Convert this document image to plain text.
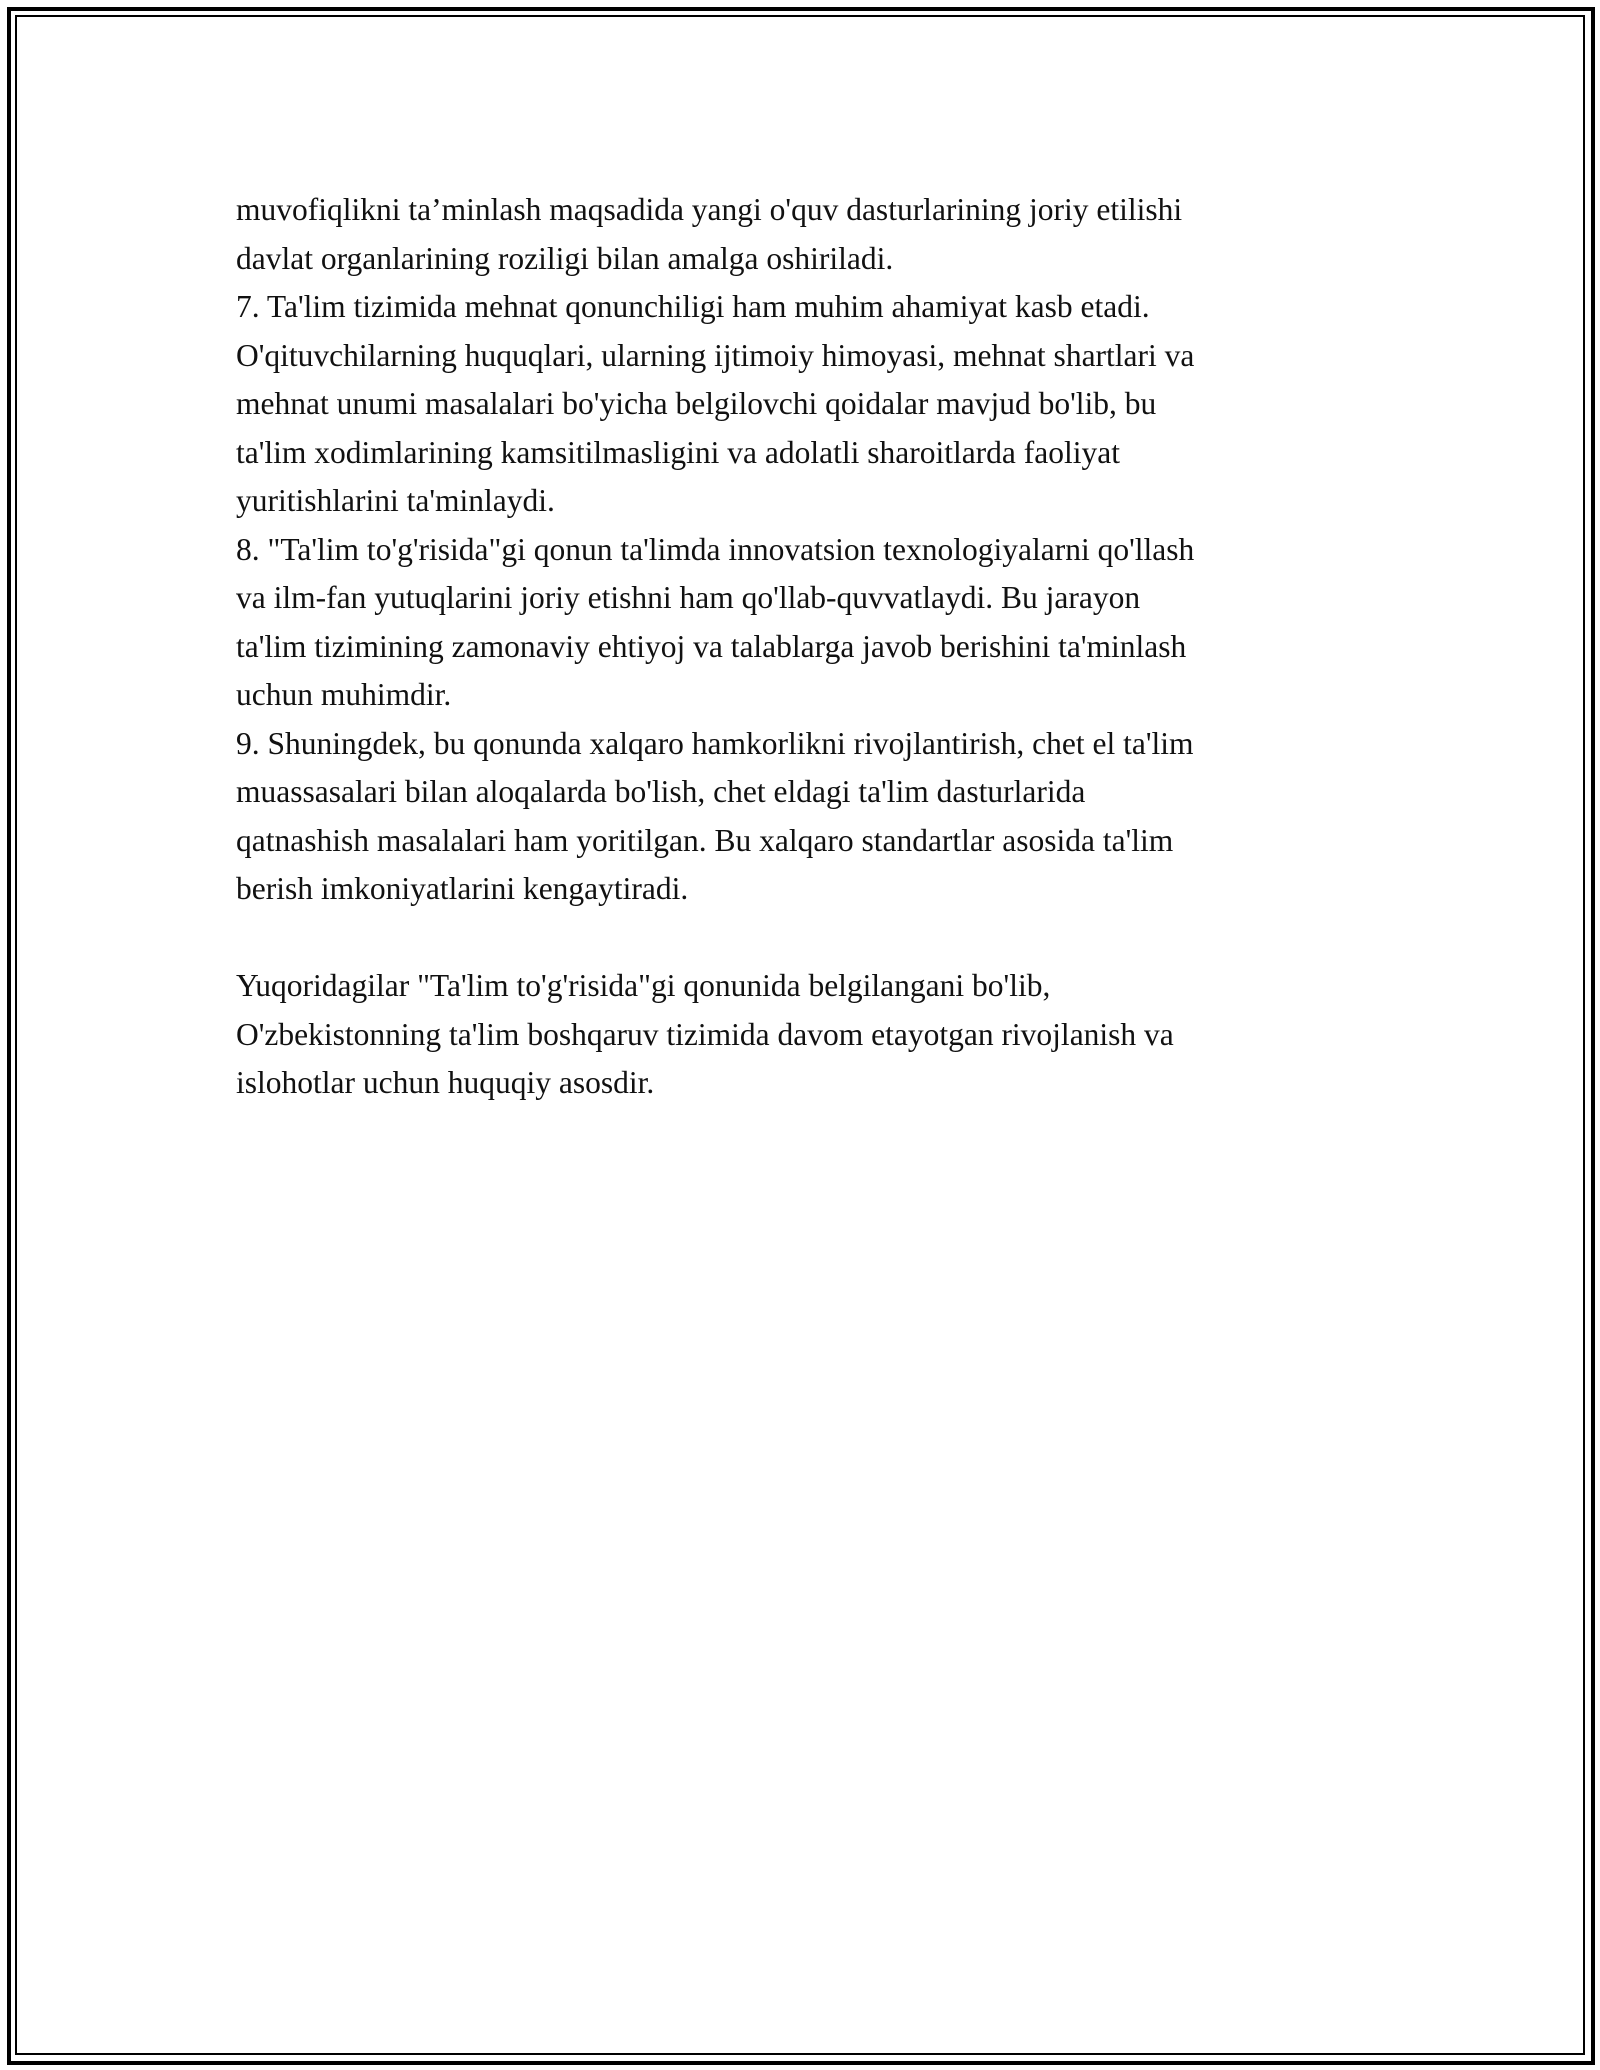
muvofiqlikni ta’minlash maqsadida yangi o'quv dasturlarining joriy etilishi
davlat organlarining roziligi bilan amalga oshiriladi.
7. Ta'lim tizimida mehnat qonunchiligi ham muhim ahamiyat kasb etadi.
O'qituvchilarning huquqlari, ularning ijtimoiy himoyasi, mehnat shartlari va
mehnat unumi masalalari bo'yicha belgilovchi qoidalar mavjud bo'lib, bu
ta'lim xodimlarining kamsitilmasligini va adolatli sharoitlarda faoliyat
yuritishlarini ta'minlaydi.
8. "Ta'lim to'g'risida"gi qonun ta'limda innovatsion texnologiyalarni qo'llash
va ilm-fan yutuqlarini joriy etishni ham qo'llab-quvvatlaydi. Bu jarayon
ta'lim tizimining zamonaviy ehtiyoj va talablarga javob berishini ta'minlash
uchun muhimdir.
9. Shuningdek, bu qonunda xalqaro hamkorlikni rivojlantirish, chet el ta'lim
muassasalari bilan aloqalarda bo'lish, chet eldagi ta'lim dasturlarida
qatnashish masalalari ham yoritilgan. Bu xalqaro standartlar asosida ta'lim
berish imkoniyatlarini kengaytiradi.
Yuqoridagilar "Ta'lim to'g'risida"gi qonunida belgilangani bo'lib,
O'zbekistonning ta'lim boshqaruv tizimida davom etayotgan rivojlanish va
islohotlar uchun huquqiy asosdir.
